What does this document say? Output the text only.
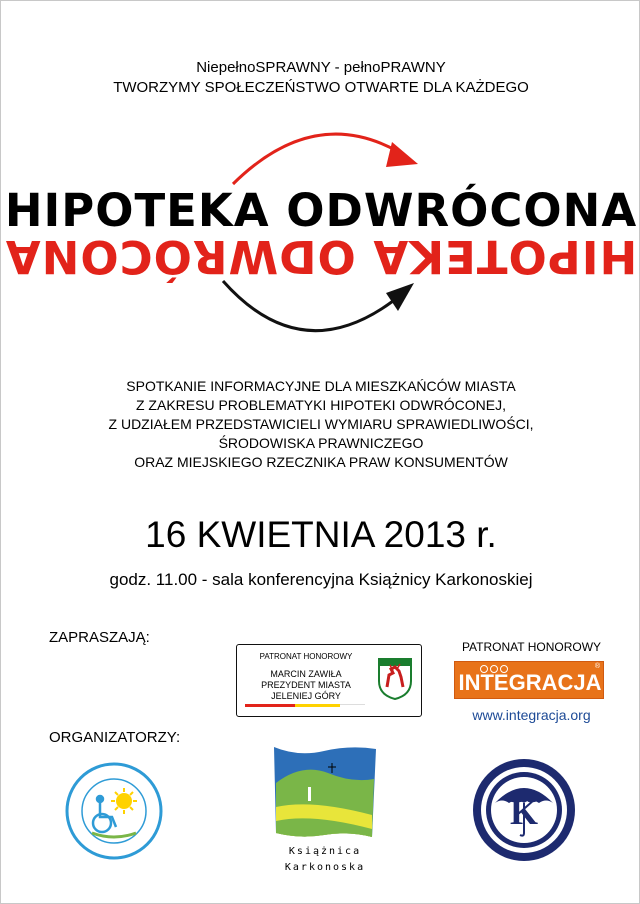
NiepełnoSPRAWNY - pełnoPRAWNY
TWORZYMY SPOŁECZEŃSTWO OTWARTE DLA KAŻDEGO
HIPOTEKA ODWRÓCONA
HIPOTEKA ODWRÓCONA
SPOTKANIE INFORMACYJNE DLA MIESZKAŃCÓW MIASTA
Z ZAKRESU PROBLEMATYKI HIPOTEKI ODWRÓCONEJ,
Z UDZIAŁEM PRZEDSTAWICIELI WYMIARU SPRAWIEDLIWOŚCI,
ŚRODOWISKA PRAWNICZEGO
ORAZ MIEJSKIEGO RZECZNIKA PRAW KONSUMENTÓW
16 KWIETNIA 2013 r.
godz. 11.00 - sala konferencyjna Książnicy Karkonoskiej
ZAPRASZAJĄ:
ORGANIZATORZY:
PATRONAT HONOROWY
MARCIN ZAWIŁA
PREZYDENT MIASTA
JELENIEJ GÓRY
PATRONAT HONOROWY
INTEGRACJA
®
www.integracja.org
Książnica
Karkonoska
K
